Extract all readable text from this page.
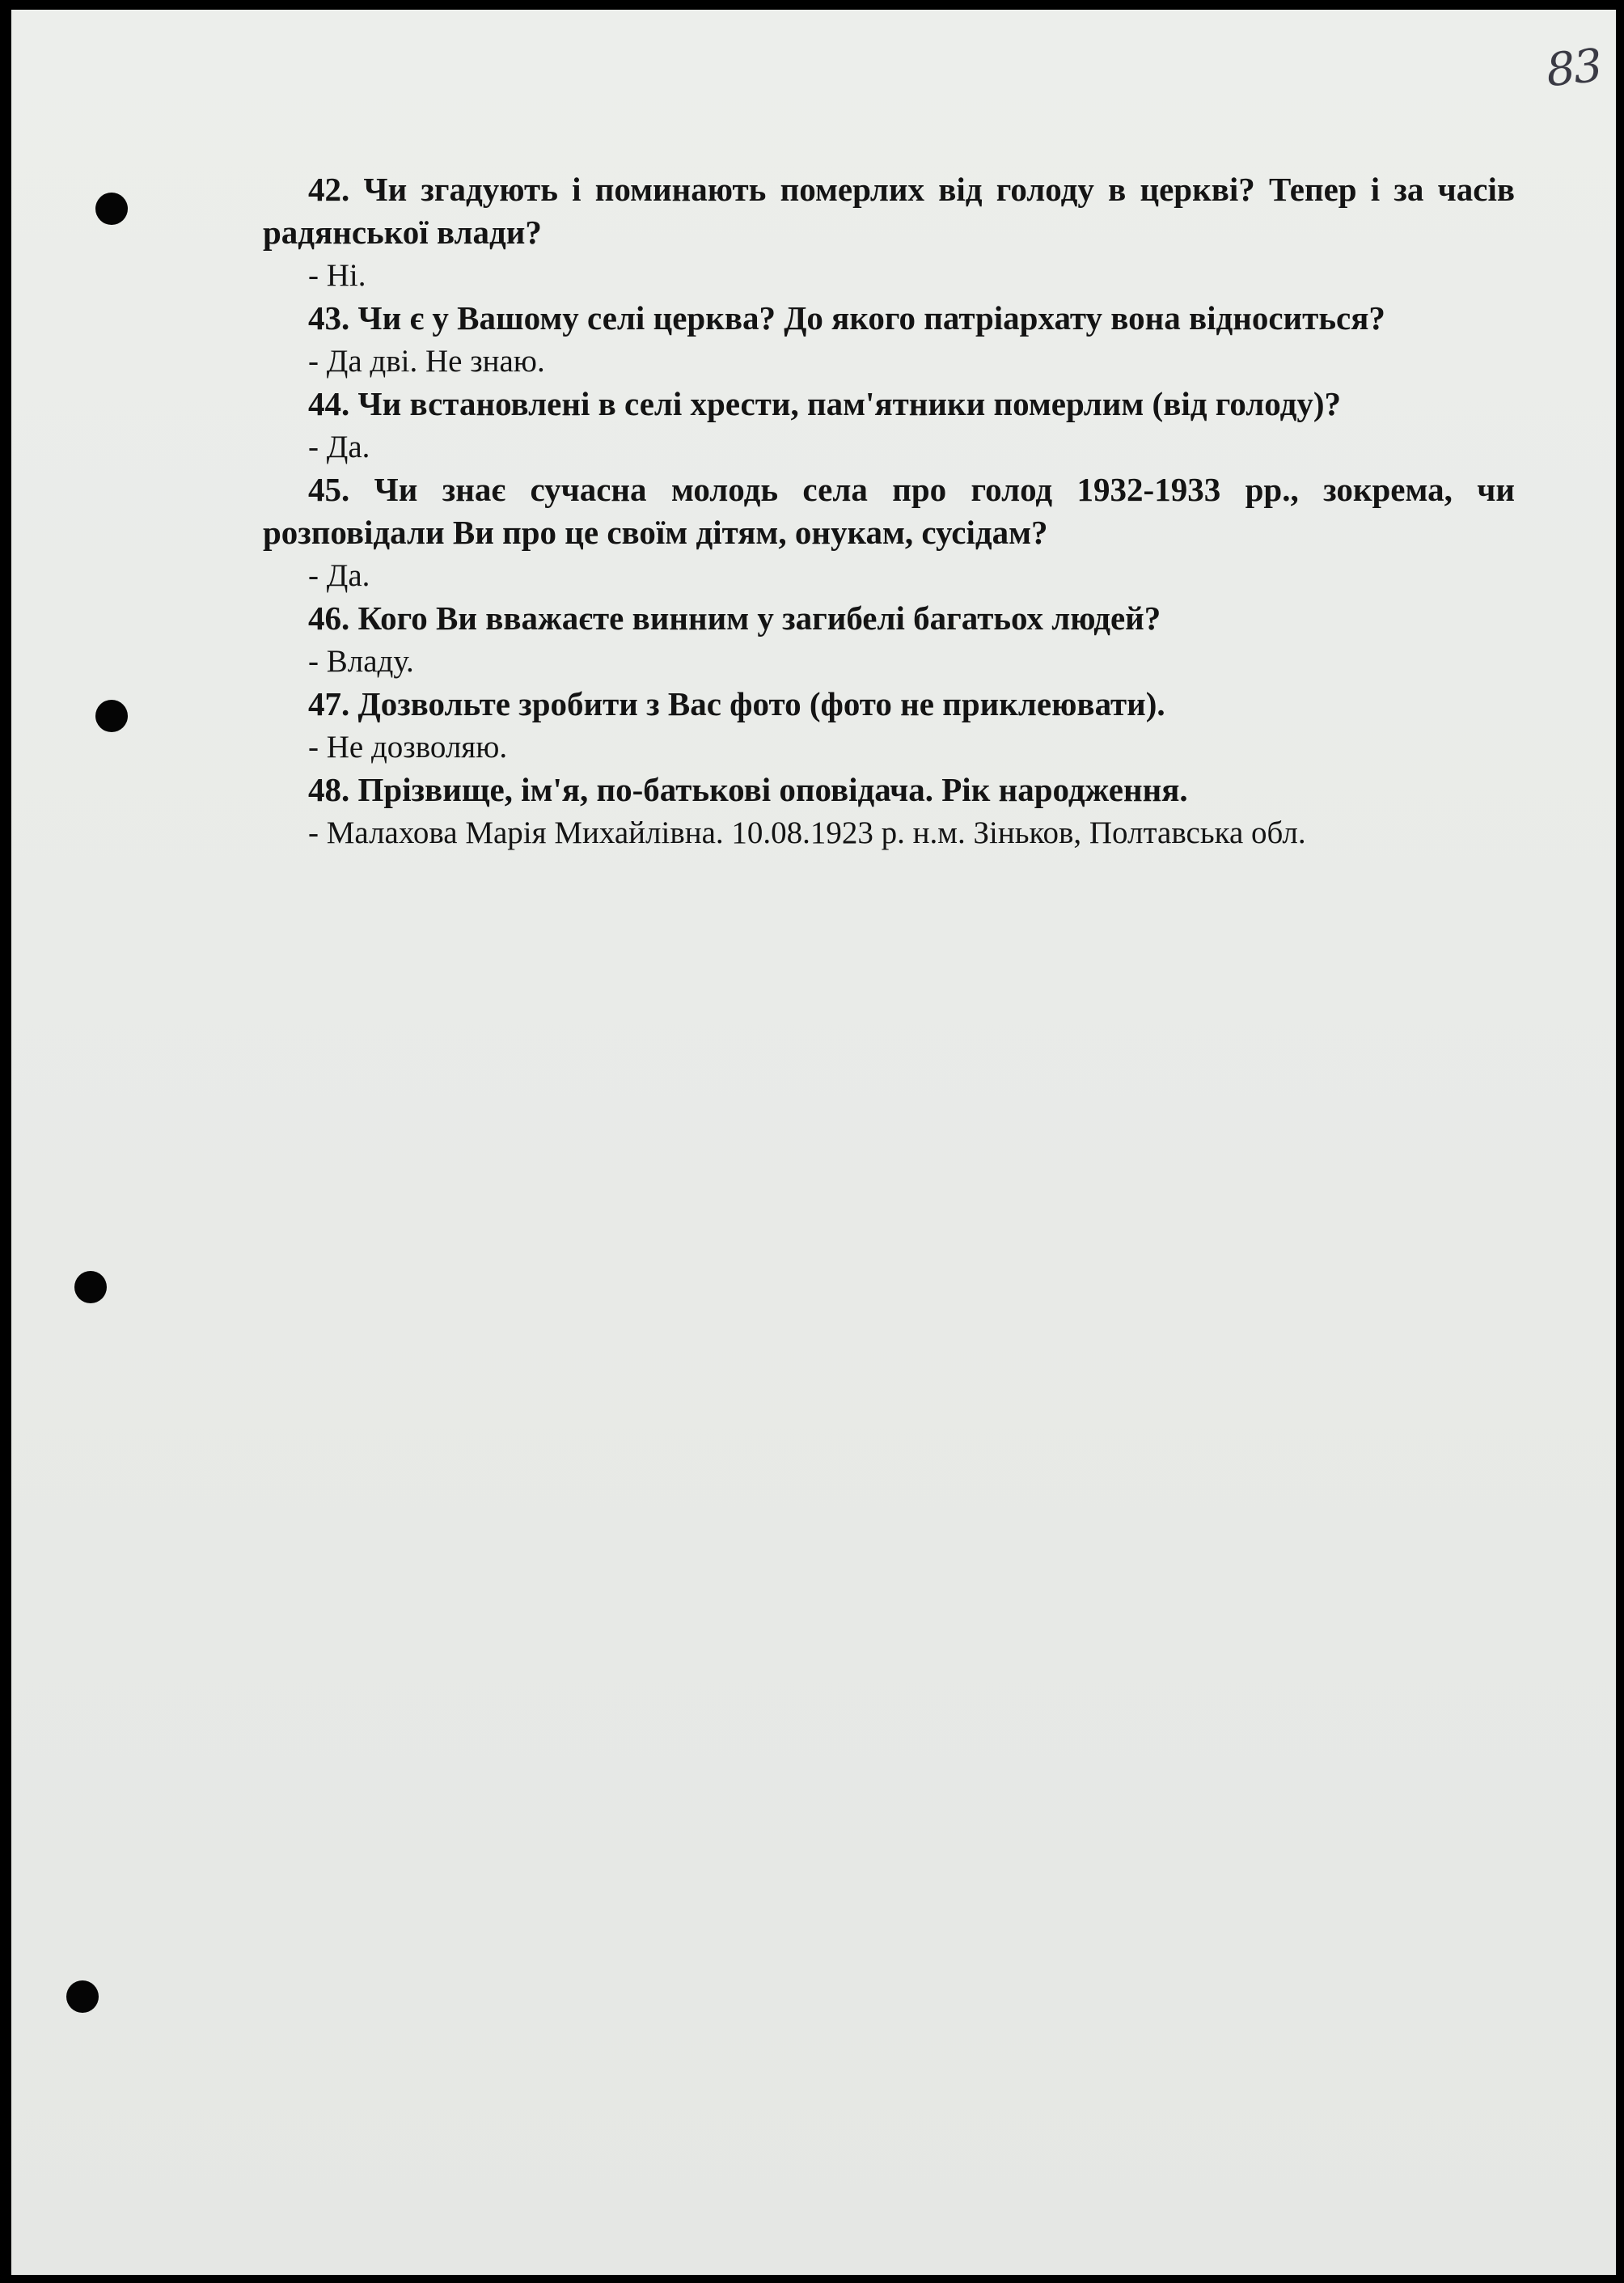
83

42. Чи згадують і поминають померлих від голоду в церкві? Тепер і за часів радянської влади?

- Ні.

43. Чи є у Вашому селі церква? До якого патріархату вона відноситься?

- Да дві. Не знаю.

44. Чи встановлені в селі хрести, пам'ятники померлим (від голоду)?

- Да.

45. Чи знає сучасна молодь села про голод 1932-1933 рр., зокрема, чи розповідали Ви про це своїм дітям, онукам, сусідам?

- Да.

46. Кого Ви вважаєте винним у загибелі багатьох людей?

- Владу.

47. Дозвольте зробити з Вас фото (фото не приклеювати).

- Не дозволяю.

48. Прізвище, ім'я, по-батькові оповідача. Рік народження.

- Малахова Марія Михайлівна. 10.08.1923 р. н.м. Зіньков, Полтавська обл.
